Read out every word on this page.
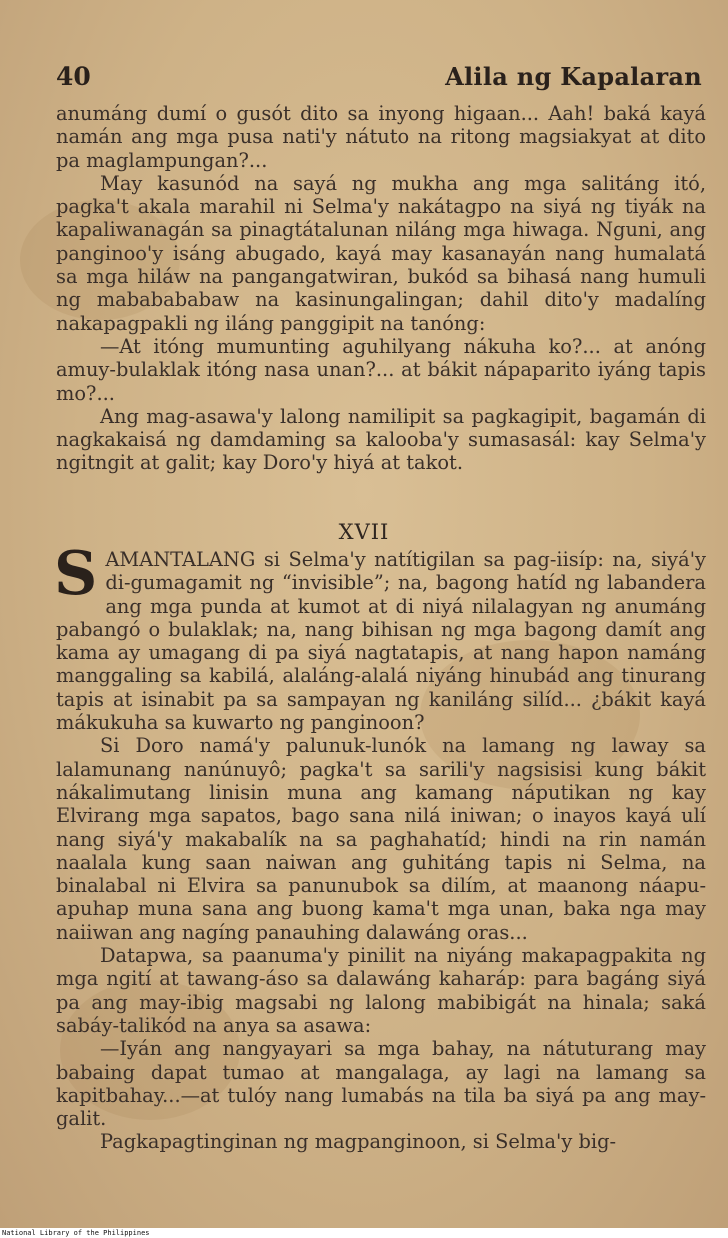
40	Alila ng Kapalaran

anumáng dumí o gusót dito sa inyong higaan... Aah! baká kayá namán ang mga pusa nati'y nátuto na ritong magsiakyat at dito pa maglampungan?...

May kasunód na sayá ng mukha ang mga salitáng itó, pagka't akala marahil ni Selma'y nakátagpo na siyá ng tiyák na kapaliwanagán sa pinagtátalunan niláng mga hiwaga. Nguni, ang panginoo'y isáng abugado, kayá may kasanayán nang humalatá sa mga hiláw na pangangatwiran, bukód sa bihasá nang humuli ng mababababaw na kasinungalingan; dahil dito'y madalíng nakapagpakli ng iláng panggipit na tanóng:

—At itóng mumunting aguhilyang nákuha ko?... at anóng amuy-bulaklak itóng nasa unan?... at bákit nápaparito iyáng tapis mo?...

Ang mag-asawa'y lalong namilipit sa pagkagipit, bagamán di nagkakaisá ng damdaming sa kalooba'y sumasasál: kay Selma'y ngitngit at galit; kay Doro'y hiyá at takot.

XVII

SAMANTALANG si Selma'y natítigilan sa pag-iisíp: na, siyá'y di-gumagamit ng “invisible”; na, bagong hatíd ng labandera ang mga punda at kumot at di niyá nilalagyan ng anumáng pabangó o bulaklak; na, nang bihisan ng mga bagong damít ang kama ay umagang di pa siyá nagtatapis, at nang hapon namáng manggaling sa kabilá, alaláng-alalá niyáng hinubád ang tinurang tapis at isinabit pa sa sampayan ng kaniláng silíd... ¿bákit kayá mákukuha sa kuwarto ng panginoon?

Si Doro namá'y palunuk-lunók na lamang ng laway sa lalamunang nanúnuyô; pagka't sa sarili'y nagsisisi kung bákit nákalimutang linisin muna ang kamang náputikan ng kay Elvirang mga sapatos, bago sana nilá iniwan; o inayos kayá ulí nang siyá'y makabalík na sa paghahatíd; hindi na rin namán naalala kung saan naiwan ang guhitáng tapis ni Selma, na binalabal ni Elvira sa panunubok sa dilím, at maanong náapu-apuhap muna sana ang buong kama't mga unan, baka nga may naiiwan ang nagíng panauhing dalawáng oras...

Datapwa, sa paanuma'y pinilit na niyáng makapagpakita ng mga ngití at tawang-áso sa dalawáng kaharáp: para bagáng siyá pa ang may-ibig magsabi ng lalong mabibigát na hinala; saká sabáy-talikód na anya sa asawa:

—Iyán ang nangyayari sa mga bahay, na nátuturang may babaing dapat tumao at mangalaga, ay lagi na lamang sa kapitbahay...—at tulóy nang lumabás na tila ba siyá pa ang may-galit.

Pagkapagtinginan ng magpanginoon, si Selma'y big-

National Library of the Philippines
